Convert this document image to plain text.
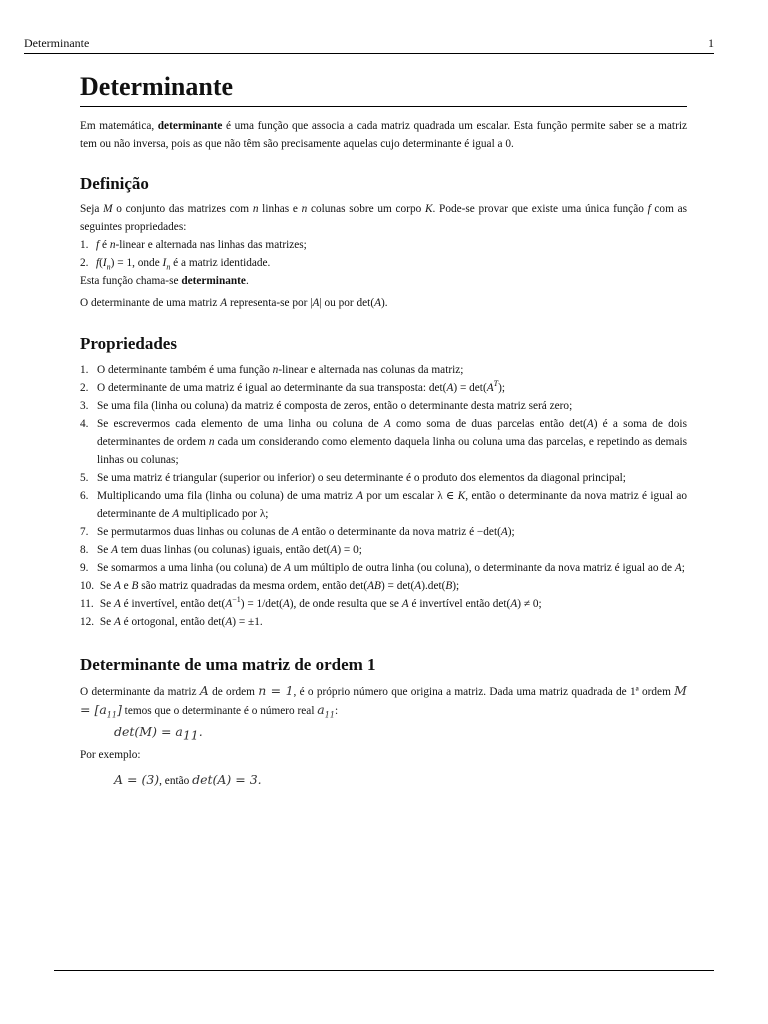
Determinante	1
Determinante

Em matemática, determinante é uma função que associa a cada matriz quadrada um escalar. Esta função permite saber se a matriz tem ou não inversa, pois as que não têm são precisamente aquelas cujo determinante é igual a 0.

Definição

Seja M o conjunto das matrizes com n linhas e n colunas sobre um corpo K. Pode-se provar que existe uma única função f com as seguintes propriedades:

1. f é n-linear e alternada nas linhas das matrizes;
2. $f(I_n) = 1$, onde $I_n$ é a matriz identidade.

Esta função chama-se determinante.

O determinante de uma matriz A representa-se por |A| ou por det(A).

Propriedades
1. O determinante também é uma função n-linear e alternada nas colunas da matriz;
2. O determinante de uma matriz é igual ao determinante da sua transposta: $\det(A) = \det(A^T)$;
3. Se uma fila (linha ou coluna) da matriz é composta de zeros, então o determinante desta matriz será zero;
4. Se escrevermos cada elemento de uma linha ou coluna de A como soma de duas parcelas então det(A) é a soma de dois determinantes de ordem n cada um considerando como elemento daquela linha ou coluna uma das parcelas, e repetindo as demais linhas ou colunas;
5. Se uma matriz é triangular (superior ou inferior) o seu determinante é o produto dos elementos da diagonal principal;
6. Multiplicando uma fila (linha ou coluna) de uma matriz A por um escalar λ ∈ K, então o determinante da nova matriz é igual ao determinante de A multiplicado por λ;
7. Se permutarmos duas linhas ou colunas de A então o determinante da nova matriz é −det(A);
8. Se A tem duas linhas (ou colunas) iguais, então det(A) = 0;
9. Se somarmos a uma linha (ou coluna) de A um múltiplo de outra linha (ou coluna), o determinante da nova matriz é igual ao de A;
10. Se A e B são matriz quadradas da mesma ordem, então det(AB) = det(A).det(B);
11. Se A é invertível, então $\det(A^{-1}) = 1/\det(A)$, de onde resulta que se A é invertível então det(A) ≠ 0;
12. Se A é ortogonal, então det(A) = ±1.
Determinante de uma matriz de ordem 1

O determinante da matriz A de ordem n = 1, é o próprio número que origina a matriz. Dada uma matriz quadrada de 1ª ordem $M = [a_{11}]$ temos que o determinante é o número real $a_{11}$:

$\det(M) = a_{11}$.

Por exemplo:

A = (3), então det(A) = 3.
